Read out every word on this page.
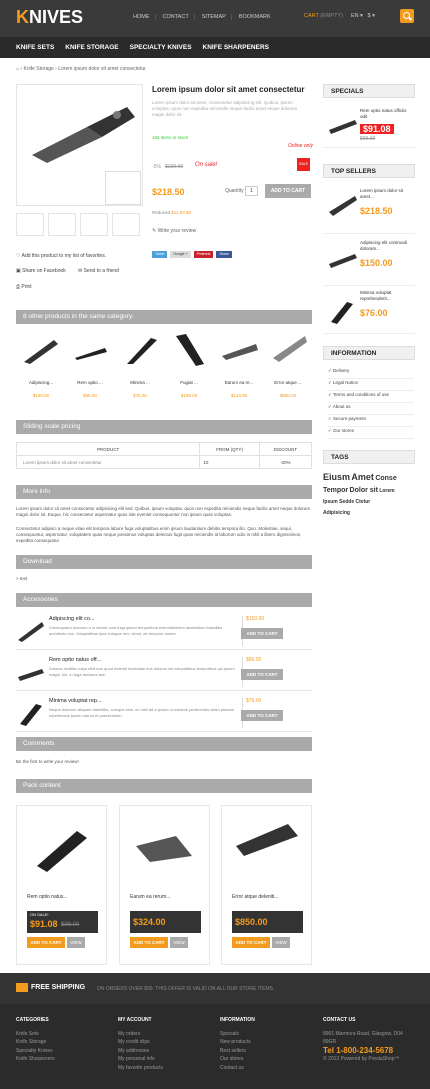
KNIVES	HOME	CONTACT	SITEMAP	BOOKMARK	CART (EMPTY) EN ▾   $ ▾
KNIFE SETS KNIFE STORAGE SPECIALTY KNIVES KNIFE SHARPENERS
⌂ › Knife Storage › Lorem ipsum dolor sit amet consectetur
Lorem ipsum dolor sit amet consectetur
Lorem ipsum dolor sit amet, consectetur adipisicing elit. Quibus, ipsum voluptas, quos non expedita reiciendis neque facilis amet neque dolorum magni dolor sit.
166 items in stock
Online only
-5% $239.00 On sale!	SALE
$218.50	Quantity	1	ADD TO CART
Reduced $11,50.50
✎ Write your review
Tweet	Google +	Pinterest	Share
♡ Add this product to my list of favorites.
▣ Share on Facebook ✉ Send to a friend
⎙ Print
8 other products in the same category:
Adipiscing...
$150.00
Rem optio ...
$65.00
Minima ...
$76.00
Fugiat ...
$159.00
Earum ea re...
$124.00
Error atque ...
$850.00
Sliding scale pricing
PRODUCT	FROM (QTY)	DISCOUNT
Lorem ipsum dolor sit amet consectetur	10	-30%
More info
Lorem ipsum dolor sit amet consectetur adipisicing elit sed. Quibus, ipsum voluptas, quos non expedita reiciendis neque facilis amet neque dolorum magni dolor sit. Eaque, hic consectetur aspernatur quas iste eveniet consequuntur non ipsum quas voluptas.
Consectetur adipisci a neque vitae elit tempora labore fuga voluptatibus enim ipsum laudantium debitis tempora illo. Quo. Molestiae, sequi, consequuntur, aspernatur, voluptatem quas neque possimus voluptas delectus fugit quas reiciendis id laborum odio in nihil a libero dignissimos, expedita consequatur.
Download
> test
Accessories
Adipiscing elit co...
Consequatur dolorum a ut labore cum fuga ipsum temporibus exercitationem laudantium blanditiis architecto eos. Voluptatibus ipsa cumque rem. Amet, ab tempora dolore.
$150.00
ADD TO CART
Rem optio natus off...
Dolores mollitia culpa nihil iure quod deleniti molestiae eos dolores vel voluptatibus temporibus qui ipsum magni. Illo, in fuga ducimus iste.
$65.00
ADD TO CART
Minima voluptat rep...
Neque dolorum aliquam blanditiis, cumque eius, ex nihil ad a ipsum ut maxime perferendis ullam placeat repellendus ipsum earum et praesentium.
$76.00
ADD TO CART
Comments
Be the first to write your review!
Pack content
Rem optio natus...
ON SALE!
$91.08 $99.00
ADD TO CART	VIEW
Earum ea rerum...
$324.00
ADD TO CART	VIEW
Error atque deleniti...
$850.00
ADD TO CART	VIEW
SPECIALS
Rem optio natus officiis odit
$91.08
$99.00
TOP SELLERS
Lorem ipsum dolor sit amet...
$218.50
Adipiscing elit commodi doloram...
$150.00
Minima voluptat reprehenderit...
$76.00
INFORMATION
✓ Delivery
✓ Legal Notice
✓ Terms and conditions of use
✓ About us
✓ Secure payment
✓ Our stores
TAGS
Eiusm Amet Conse
Tempor Dolor sit Lorem
Ipsum Sedde Ctetur
Adipisicing
FREE SHIPPING ON ORDERS OVER $99. THIS OFFER IS VALID ON ALL OUR STORE ITEMS.
CATEGORIES
Knife Sets
Knife Storage
Specialty Knives
Knife Sharpeners
MY ACCOUNT
My orders
My credit slips
My addresses
My personal info
My favorite products
INFORMATION
Specials
New products
Best sellers
Our stores
Contact us
CONTACT US
8901 Marmora Road, Glasgow, D04
89GR
Tel 1-800-234-5678
© 2013 Powered by PrestaShop™
